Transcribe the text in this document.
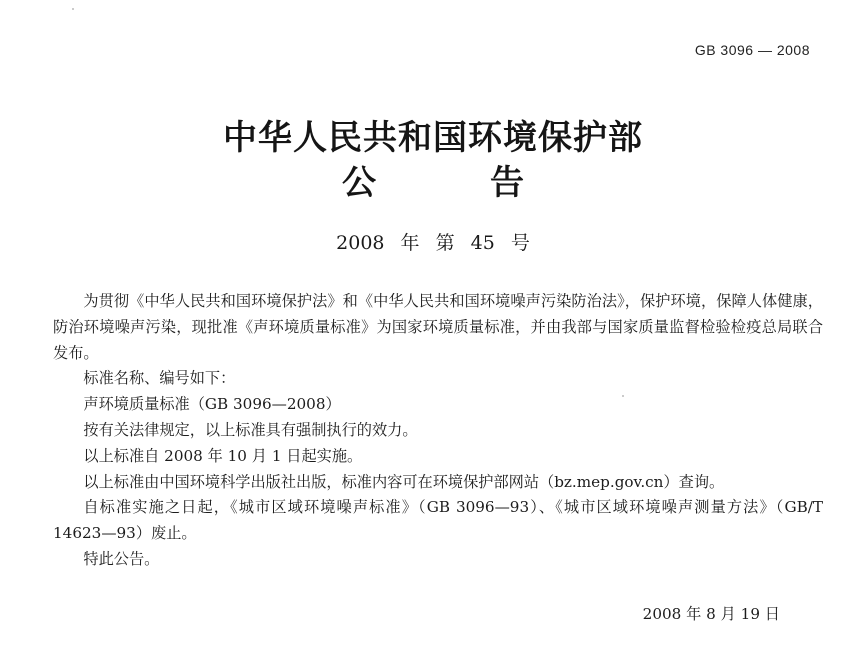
GB 3096 — 2008
中华人民共和国环境保护部
公告
2008 年 第 45 号

为贯彻《中华人民共和国环境保护法》和《中华人民共和国环境噪声污染防治法》，保护环境，保障人体健康，防治环境噪声污染，现批准《声环境质量标准》为国家环境质量标准，并由我部与国家质量监督检验检疫总局联合发布。

标准名称、编号如下：

声环境质量标准（GB 3096—2008）

按有关法律规定，以上标准具有强制执行的效力。

以上标准自 2008 年 10 月 1 日起实施。

以上标准由中国环境科学出版社出版，标准内容可在环境保护部网站（bz.mep.gov.cn）查询。

自标准实施之日起，《城市区域环境噪声标准》（GB 3096—93）、《城市区域环境噪声测量方法》（GB/T 14623—93）废止。

特此公告。

2008 年 8 月 19 日
